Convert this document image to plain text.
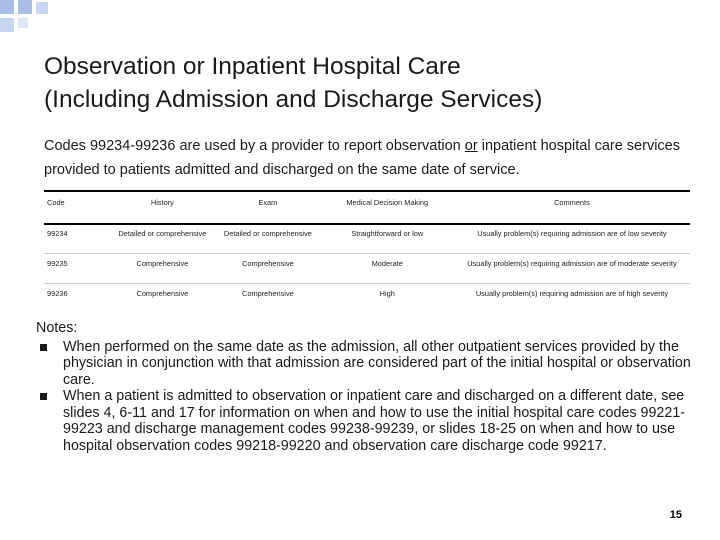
Observation or Inpatient Hospital Care
(Including Admission and Discharge Services)

Codes 99234-99236 are used by a provider to report observation or inpatient hospital care services provided to patients admitted and discharged on the same date of service.

Code	History	Exam	Medical Decision Making	Comments
99234	Detailed or comprehensive	Detailed or comprehensive	Straightforward or low	Usually problem(s) requiring admission are of low severity
99235	Comprehensive	Comprehensive	Moderate	Usually problem(s) requiring admission are of moderate severity
99236	Comprehensive	Comprehensive	High	Usually problem(s) requiring admission are of high severity

Notes:

When performed on the same date as the admission, all other outpatient services provided by the physician in conjunction with that admission are considered part of the initial hospital or observation care.
When a patient is admitted to observation or inpatient care and discharged on a different date, see slides 4, 6-11 and 17 for information on when and how to use the initial hospital care codes 99221-99223 and discharge management codes 99238-99239, or slides 18-25 on when and how to use hospital observation codes 99218-99220 and observation care discharge code 99217.
15
